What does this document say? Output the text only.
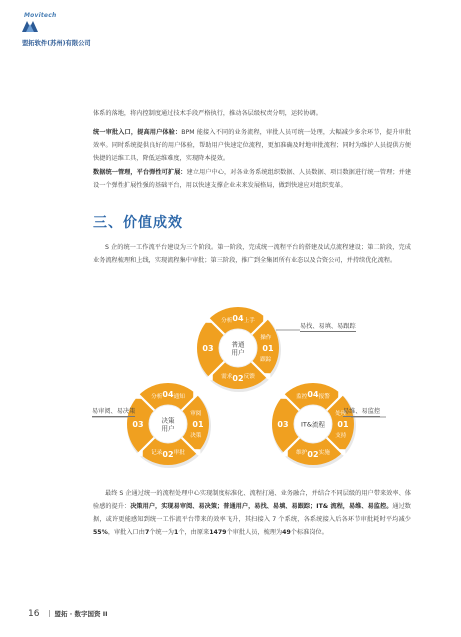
Movitech
盟拓软件(苏州)有限公司

体系的落地，将内控制度通过技术手段严格执行，推动各层级权责分明，运转协调。

统一审批入口，提高用户体验：BPM 能接入不同的业务流程，审批人员可统一处理，大幅减少多余环节，提升审批效率。同时系统提供良好的用户体验，帮助用户快速定位流程，更加准确及时地审批流程；同时为维护人员提供方便快捷的运维工具，降低运维难度，实现降本提效。

数据统一管理，平台弹性可扩展：建立用户中心，对各业务系统组织数据、人员数据、项目数据进行统一管理；并建设一个弹性扩展性强的基础平台，用以快速支撑企业未来发展格局，做到快速应对组织变革。

三、价值成效

S 企的统一工作流平台建设为三个阶段。第一阶段，完成统一流程平台的搭建及试点流程建设；第二阶段，完成业务流程梳理和上线，实现流程集中审批；第三阶段，推广到全集团所有业态以及合资公司，并持续优化流程。

普通
用户
分析 上手
操作
跟踪
反馈
需求
01
02
03
04
决策
用户
分析 通知
审阅
决策
审批
记录
01
02
03
04
IT&流程
监控 报警
处理
支持
实施
维护
01
02
03
04
易找、易填、易跟踪
易审阅、易决策	易维、易监控

最终 S 企通过统一的流程处理中心实现制度标准化、流程打通、业务融合，并结合不同层级的用户带来效率、体验感的提升：决策用户，实现易审阅、易决策；普通用户，易找、易填、易跟踪；IT& 流程，易维、易监控。通过数据，或许更能感知到统一工作流平台带来的效率飞升，其扫接入 7 个系统，各系统接入后各环节审批耗时平均减少55%，审批入口由7个统一为1个，由原来1479个审批人员，梳理为49个标准岗位。

16 盟拓 · 数字国资 II
